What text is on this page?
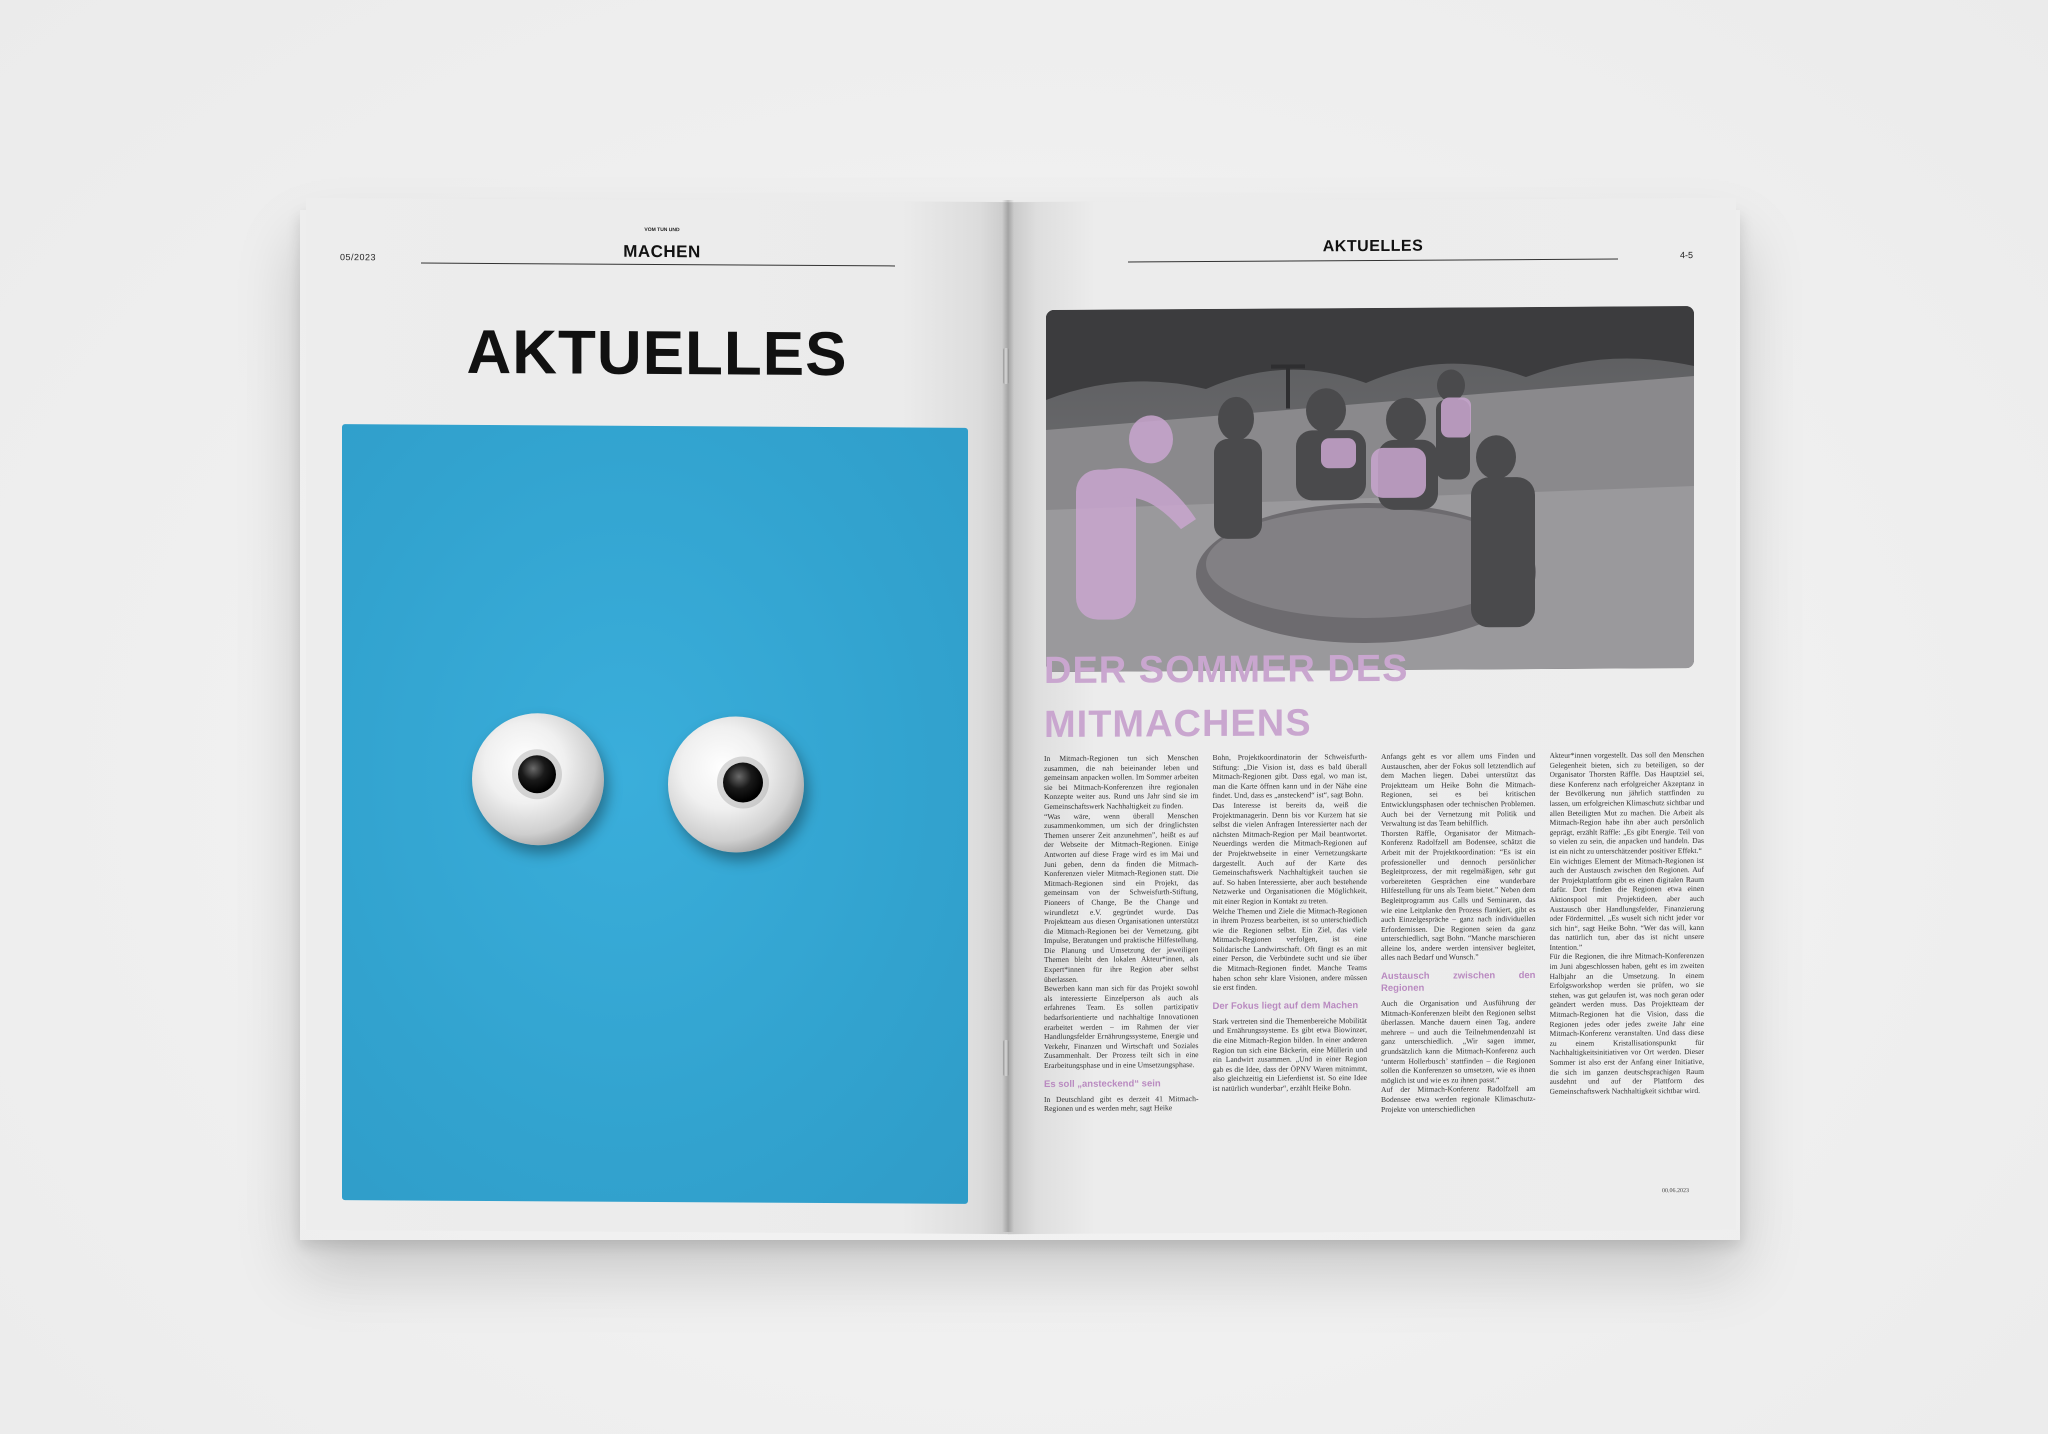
05/2023
VOM TUN UND
MACHEN
AKTUELLES
AKTUELLES	4-5
DER SOMMER DES
MITMACHENS
In Mitmach-Regionen tun sich Menschen zusammen, die nah beieinander leben und gemeinsam anpacken wollen. Im Sommer arbeiten sie bei Mitmach-Konferenzen ihre regionalen Konzepte weiter aus. Rund uns Jahr sind sie im Gemeinschaftswerk Nachhaltigkeit zu finden.
“Was wäre, wenn überall Menschen zusammenkommen, um sich der dringlichsten Themen unserer Zeit anzunehmen”, heißt es auf der Webseite der Mitmach-Regionen. Einige Antworten auf diese Frage wird es im Mai und Juni geben, denn da finden die Mitmach-Konferenzen vieler Mitmach-Regionen statt. Die Mitmach-Regionen sind ein Projekt, das gemeinsam von der Schweisfurth-Stiftung, Pioneers of Change, Be the Change und wirundletzt e.V. gegründet wurde. Das Projektteam aus diesen Organisationen unterstützt die Mitmach-Regionen bei der Vernetzung, gibt Impulse, Beratungen und praktische Hilfestellung. Die Planung und Umsetzung der jeweiligen Themen bleibt den lokalen Akteur*innen, als Expert*innen für ihre Region aber selbst überlassen.
Bewerben kann man sich für das Projekt sowohl als interessierte Einzelperson als auch als erfahrenes Team. Es sollen partizipativ bedarfsorientierte und nachhaltige Innovationen erarbeitet werden – im Rahmen der vier Handlungsfelder Ernährungssysteme, Energie und Verkehr, Finanzen und Wirtschaft und Soziales Zusammenhalt. Der Prozess teilt sich in eine Erarbeitungsphase und in eine Umsetzungsphase.
Es soll „ansteckend“ sein
In Deutschland gibt es derzeit 41 Mitmach-Regionen und es werden mehr, sagt Heike
Bohn, Projektkoordinatorin der Schweisfurth-Stiftung: „Die Vision ist, dass es bald überall Mitmach-Regionen gibt. Dass egal, wo man ist, man die Karte öffnen kann und in der Nähe eine findet. Und, dass es „ansteckend“ ist“, sagt Bohn.
Das Interesse ist bereits da, weiß die Projektmanagerin. Denn bis vor Kurzem hat sie selbst die vielen Anfragen Interessierter nach der nächsten Mitmach-Region per Mail beantwortet. Neuerdings werden die Mitmach-Regionen auf der Projektwebseite in einer Vernetzungskarte dargestellt. Auch auf der Karte des Gemeinschaftswerk Nachhaltigkeit tauchen sie auf. So haben Interessierte, aber auch bestehende Netzwerke und Organisationen die Möglichkeit, mit einer Region in Kontakt zu treten.
Welche Themen und Ziele die Mitmach-Regionen in ihrem Prozess bearbeiten, ist so unterschiedlich wie die Regionen selbst. Ein Ziel, das viele Mitmach-Regionen verfolgen, ist eine Solidarische Landwirtschaft. Oft fängt es an mit einer Person, die Verbündete sucht und sie über die Mitmach-Regionen findet. Manche Teams haben schon sehr klare Visionen, andere müssen sie erst finden.
Der Fokus liegt auf dem Machen
Stark vertreten sind die Themenbereiche Mobilität und Ernährungssysteme. Es gibt etwa Biowinzer, die eine Mitmach-Region bilden. In einer anderen Region tun sich eine Bäckerin, eine Müllerin und ein Landwirt zusammen. „Und in einer Region gab es die Idee, dass der ÖPNV Waren mitnimmt, also gleichzeitig ein Lieferdienst ist. So eine Idee ist natürlich wunderbar“, erzählt Heike Bohn.
Anfangs geht es vor allem ums Finden und Austauschen, aber der Fokus soll letztendlich auf dem Machen liegen. Dabei unterstützt das Projektteam um Heike Bohn die Mitmach-Regionen, sei es bei kritischen Entwicklungsphasen oder technischen Problemen. Auch bei der Vernetzung mit Politik und Verwaltung ist das Team behilflich.
Thorsten Räffle, Organisator der Mitmach-Konferenz Radolfzell am Bodensee, schätzt die Arbeit mit der Projektkoordination: “Es ist ein professioneller und dennoch persönlicher Begleitprozess, der mit regelmäßigen, sehr gut vorbereiteten Gesprächen eine wunderbare Hilfestellung für uns als Team bietet.” Neben dem Begleitprogramm aus Calls und Seminaren, das wie eine Leitplanke den Prozess flankiert, gibt es auch Einzelgespräche – ganz nach individuellen Erfordernissen. Die Regionen seien da ganz unterschiedlich, sagt Bohn. “Manche marschieren alleine los, andere werden intensiver begleitet, alles nach Bedarf und Wunsch.”
Austausch zwischen den Regionen
Auch die Organisation und Ausführung der Mitmach-Konferenzen bleibt den Regionen selbst überlassen. Manche dauern einen Tag, andere mehrere – und auch die Teilnehmendenzahl ist ganz unterschiedlich. „Wir sagen immer, grundsätzlich kann die Mitmach-Konferenz auch ‘unterm Hollerbusch’ stattfinden – die Regionen sollen die Konferenzen so umsetzen, wie es ihnen möglich ist und wie es zu ihnen passt.“
Auf der Mitmach-Konferenz Radolfzell am Bodensee etwa werden regionale Klimaschutz-Projekte von unterschiedlichen
Akteur*innen vorgestellt. Das soll den Menschen Gelegenheit bieten, sich zu beteiligen, so der Organisator Thorsten Räffle. Das Hauptziel sei, diese Konferenz nach erfolgreicher Akzeptanz in der Bevölkerung nun jährlich stattfinden zu lassen, um erfolgreichen Klimaschutz sichtbar und allen Beteiligten Mut zu machen. Die Arbeit als Mitmach-Region habe ihn aber auch persönlich geprägt, erzählt Räffle: „Es gibt Energie. Teil von so vielen zu sein, die anpacken und handeln. Das ist ein nicht zu unterschätzender positiver Effekt.“
Ein wichtiges Element der Mitmach-Regionen ist auch der Austausch zwischen den Regionen. Auf der Projektplattform gibt es einen digitalen Raum dafür. Dort finden die Regionen etwa einen Aktionspool mit Projektideen, aber auch Austausch über Handlungsfelder, Finanzierung oder Fördermittel. „Es wuselt sich nicht jeder vor sich hin“, sagt Heike Bohn. “Wer das will, kann das natürlich tun, aber das ist nicht unsere Intention.”
Für die Regionen, die ihre Mitmach-Konferenzen im Juni abgeschlossen haben, geht es im zweiten Halbjahr an die Umsetzung. In einem Erfolgsworkshop werden sie prüfen, wo sie stehen, was gut gelaufen ist, was noch geran oder geändert werden muss. Das Projektteam der Mitmach-Regionen hat die Vision, dass die Regionen jedes oder jedes zweite Jahr eine Mitmach-Konferenz veranstalten. Und dass diese zu einem Kristallisationspunkt für Nachhaltigkeitsinitiativen vor Ort werden. Dieser Sommer ist also erst der Anfang einer Initiative, die sich im ganzen deutschsprachigen Raum ausdehnt und auf der Plattform des Gemeinschaftswerk Nachhaltigkeit sichtbar wird.
00.06.2023
